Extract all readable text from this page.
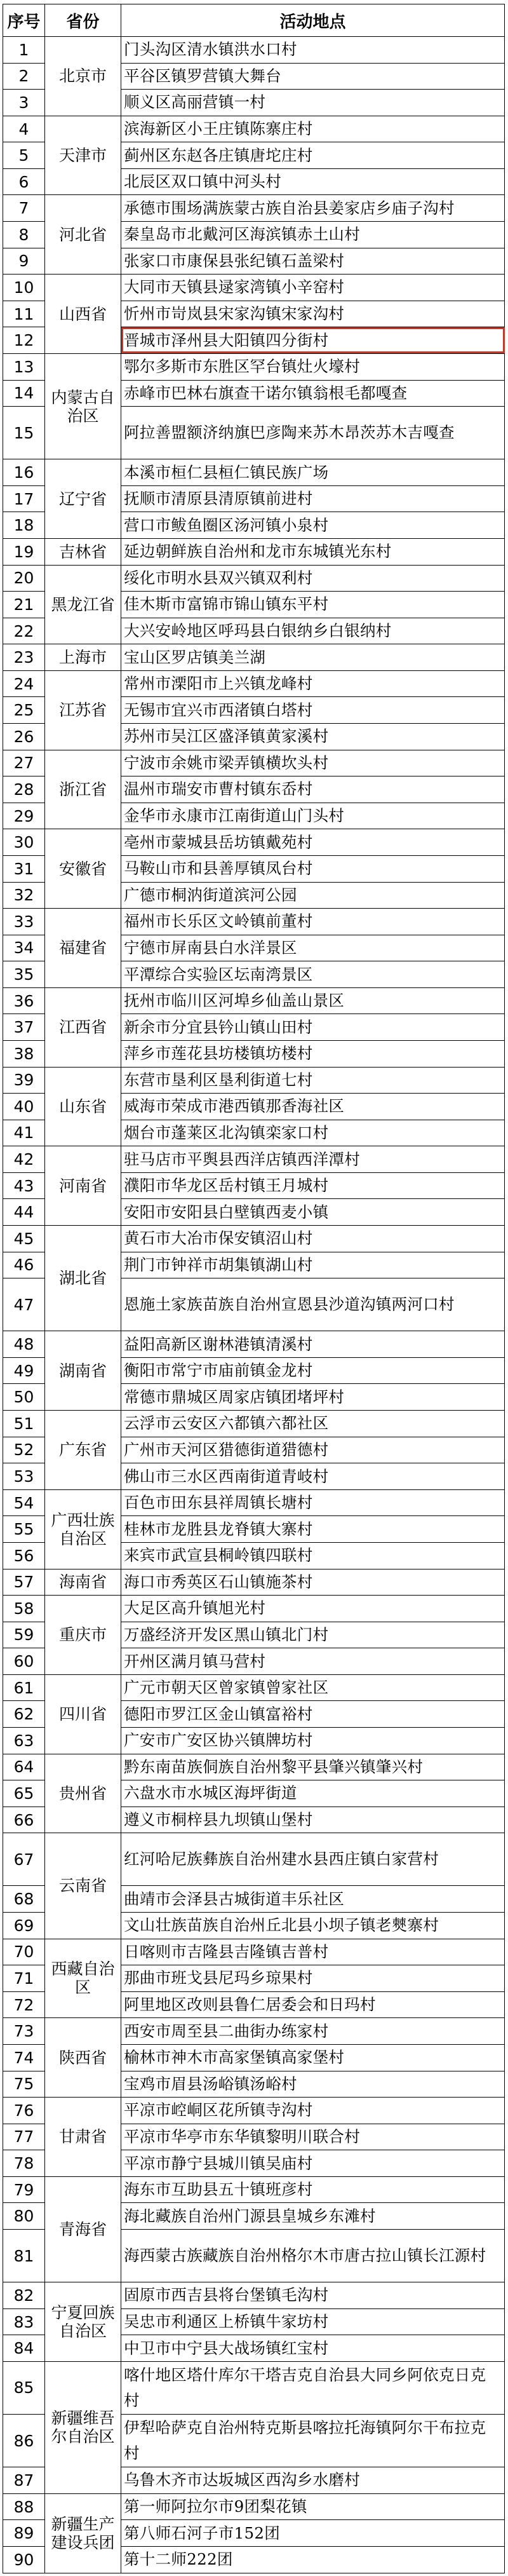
序号	省份	活动地点
1	北京市	门头沟区清水镇洪水口村
2		平谷区镇罗营镇大舞台
3		顺义区高丽营镇一村
4	天津市	滨海新区小王庄镇陈寨庄村
5		蓟州区东赵各庄镇唐坨庄村
6		北辰区双口镇中河头村
7	河北省	承德市围场满族蒙古族自治县姜家店乡庙子沟村
8		秦皇岛市北戴河区海滨镇赤土山村
9		张家口市康保县张纪镇石盖梁村
10	山西省	大同市天镇县逯家湾镇小辛窑村
11		忻州市岢岚县宋家沟镇宋家沟村
12		晋城市泽州县大阳镇四分街村
13	内蒙古自治区	鄂尔多斯市东胜区罕台镇灶火壕村
14		赤峰市巴林右旗查干诺尔镇翁根毛都嘎查
15		阿拉善盟额济纳旗巴彦陶来苏木昂茨苏木吉嘎查
16	辽宁省	本溪市桓仁县桓仁镇民族广场
17		抚顺市清原县清原镇前进村
18		营口市鲅鱼圈区汤河镇小泉村
19	吉林省	延边朝鲜族自治州和龙市东城镇光东村
20	黑龙江省	绥化市明水县双兴镇双利村
21		佳木斯市富锦市锦山镇东平村
22		大兴安岭地区呼玛县白银纳乡白银纳村
23	上海市	宝山区罗店镇美兰湖
24	江苏省	常州市溧阳市上兴镇龙峰村
25		无锡市宜兴市西渚镇白塔村
26		苏州市吴江区盛泽镇黄家溪村
27	浙江省	宁波市余姚市梁弄镇横坎头村
28		温州市瑞安市曹村镇东岙村
29		金华市永康市江南街道山门头村
30	安徽省	亳州市蒙城县岳坊镇戴苑村
31		马鞍山市和县善厚镇凤台村
32		广德市桐汭街道滨河公园
33	福建省	福州市长乐区文岭镇前董村
34		宁德市屏南县白水洋景区
35		平潭综合实验区坛南湾景区
36	江西省	抚州市临川区河埠乡仙盖山景区
37		新余市分宜县钤山镇山田村
38		萍乡市莲花县坊楼镇坊楼村
39	山东省	东营市垦利区垦利街道七村
40		威海市荣成市港西镇那香海社区
41		烟台市蓬莱区北沟镇栾家口村
42	河南省	驻马店市平舆县西洋店镇西洋潭村
43		濮阳市华龙区岳村镇王月城村
44		安阳市安阳县白壁镇西麦小镇
45	湖北省	黄石市大冶市保安镇沼山村
46		荆门市钟祥市胡集镇湖山村
47		恩施土家族苗族自治州宣恩县沙道沟镇两河口村
48	湖南省	益阳高新区谢林港镇清溪村
49		衡阳市常宁市庙前镇金龙村
50		常德市鼎城区周家店镇团堵坪村
51	广东省	云浮市云安区六都镇六都社区
52		广州市天河区猎德街道猎德村
53		佛山市三水区西南街道青岐村
54	广西壮族自治区	百色市田东县祥周镇长塘村
55		桂林市龙胜县龙脊镇大寨村
56		来宾市武宣县桐岭镇四联村
57	海南省	海口市秀英区石山镇施茶村
58	重庆市	大足区高升镇旭光村
59		万盛经济开发区黑山镇北门村
60		开州区满月镇马营村
61	四川省	广元市朝天区曾家镇曾家社区
62		德阳市罗江区金山镇富裕村
63		广安市广安区协兴镇牌坊村
64	贵州省	黔东南苗族侗族自治州黎平县肇兴镇肇兴村
65		六盘水市水城区海坪街道
66		遵义市桐梓县九坝镇山堡村
67	云南省	红河哈尼族彝族自治州建水县西庄镇白家营村
68		曲靖市会泽县古城街道丰乐社区
69		文山壮族苗族自治州丘北县小坝子镇老僰寨村
70	西藏自治区	日喀则市吉隆县吉隆镇吉普村
71		那曲市班戈县尼玛乡琼果村
72		阿里地区改则县鲁仁居委会和日玛村
73	陕西省	西安市周至县二曲街办练家村
74		榆林市神木市高家堡镇高家堡村
75		宝鸡市眉县汤峪镇汤峪村
76	甘肃省	平凉市崆峒区花所镇寺沟村
77		平凉市华亭市东华镇黎明川联合村
78		平凉市静宁县城川镇吴庙村
79	青海省	海东市互助县五十镇班彦村
80		海北藏族自治州门源县皇城乡东滩村
81		海西蒙古族藏族自治州格尔木市唐古拉山镇长江源村
82	宁夏回族自治区	固原市西吉县将台堡镇毛沟村
83		吴忠市利通区上桥镇牛家坊村
84		中卫市中宁县大战场镇红宝村
85	新疆维吾尔自治区	喀什地区塔什库尔干塔吉克自治县大同乡阿依克日克村
86		伊犁哈萨克自治州特克斯县喀拉托海镇阿尔干布拉克村
87		乌鲁木齐市达坂城区西沟乡水磨村
88	新疆生产建设兵团	第一师阿拉尔市9团梨花镇
89		第八师石河子市152团
90		第十二师222团
